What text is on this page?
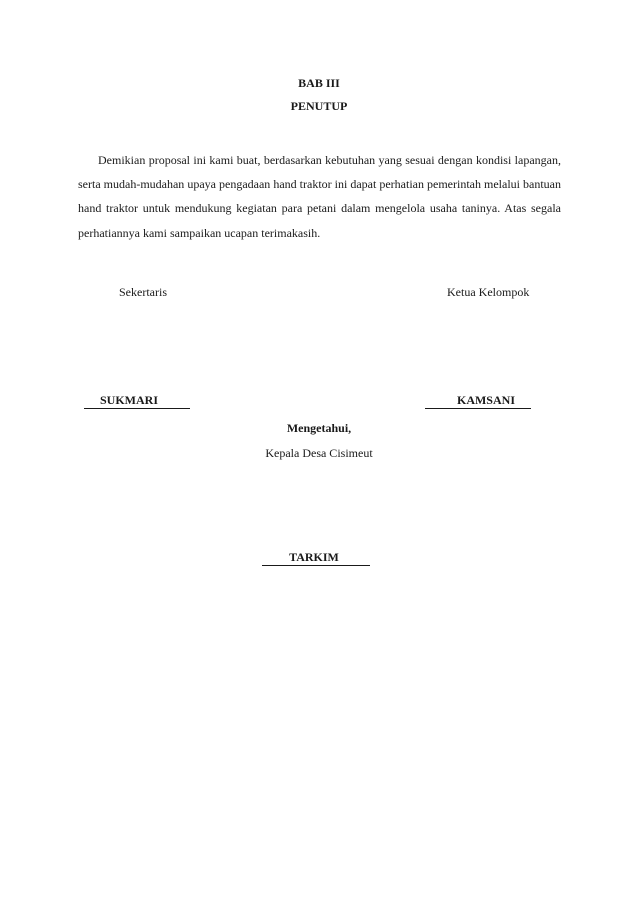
BAB III
PENUTUP

Demikian proposal ini kami buat, berdasarkan kebutuhan yang sesuai dengan kondisi lapangan, serta mudah-mudahan upaya pengadaan hand traktor ini dapat perhatian pemerintah melalui bantuan hand traktor untuk mendukung kegiatan para petani dalam mengelola usaha taninya. Atas segala perhatiannya kami sampaikan ucapan terimakasih.

Sekertaris	Ketua Kelompok
SUKMARI	KAMSANI
Mengetahui,
Kepala Desa Cisimeut
TARKIM
